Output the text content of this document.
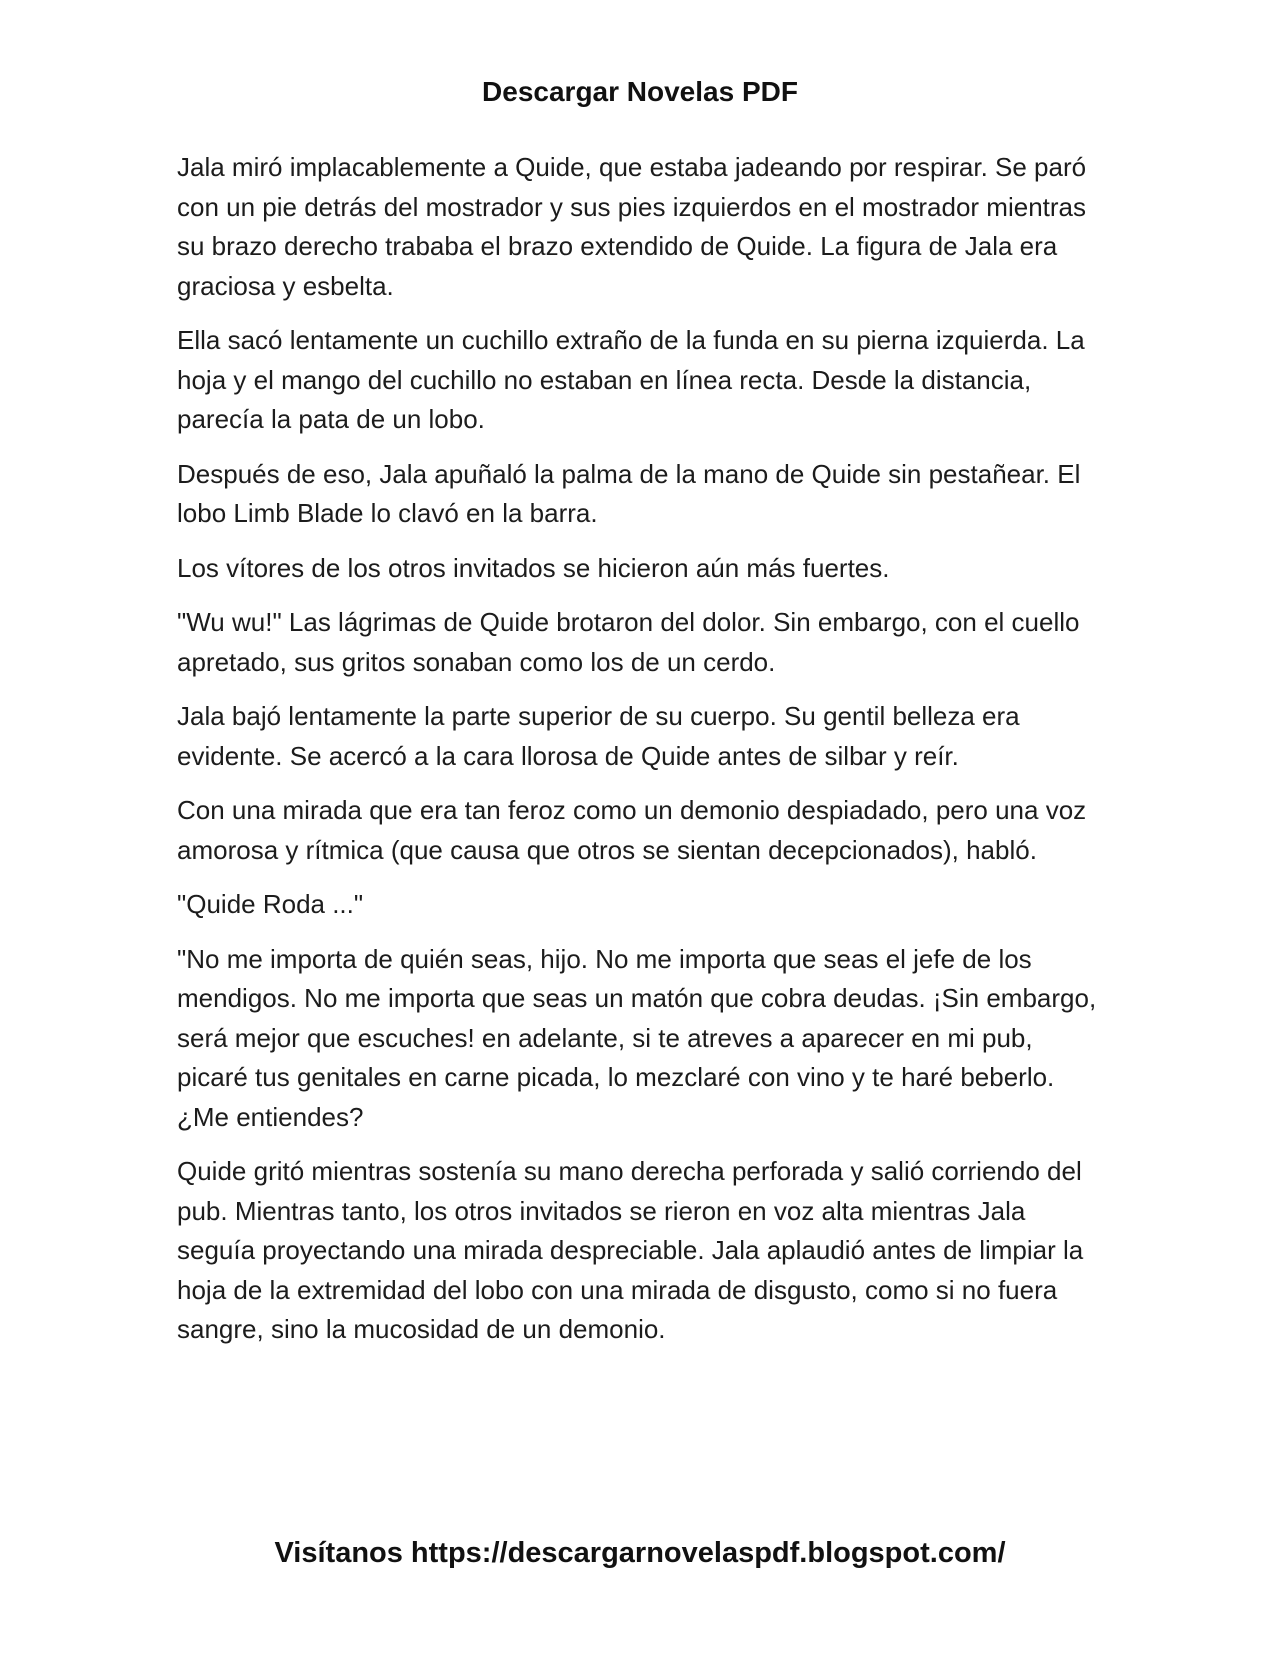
Descargar Novelas PDF

Jala miró implacablemente a Quide, que estaba jadeando por respirar. Se paró con un pie detrás del mostrador y sus pies izquierdos en el mostrador mientras su brazo derecho trababa el brazo extendido de Quide. La figura de Jala era graciosa y esbelta.

Ella sacó lentamente un cuchillo extraño de la funda en su pierna izquierda. La hoja y el mango del cuchillo no estaban en línea recta. Desde la distancia, parecía la pata de un lobo.

Después de eso, Jala apuñaló la palma de la mano de Quide sin pestañear. El lobo Limb Blade lo clavó en la barra.

Los vítores de los otros invitados se hicieron aún más fuertes.

"Wu wu!" Las lágrimas de Quide brotaron del dolor. Sin embargo, con el cuello apretado, sus gritos sonaban como los de un cerdo.

Jala bajó lentamente la parte superior de su cuerpo. Su gentil belleza era evidente. Se acercó a la cara llorosa de Quide antes de silbar y reír.

Con una mirada que era tan feroz como un demonio despiadado, pero una voz amorosa y rítmica (que causa que otros se sientan decepcionados), habló.

"Quide Roda ..."

"No me importa de quién seas, hijo. No me importa que seas el jefe de los mendigos. No me importa que seas un matón que cobra deudas. ¡Sin embargo, será mejor que escuches! en adelante, si te atreves a aparecer en mi pub, picaré tus genitales en carne picada, lo mezclaré con vino y te haré beberlo. ¿Me entiendes?

Quide gritó mientras sostenía su mano derecha perforada y salió corriendo del pub. Mientras tanto, los otros invitados se rieron en voz alta mientras Jala seguía proyectando una mirada despreciable. Jala aplaudió antes de limpiar la hoja de la extremidad del lobo con una mirada de disgusto, como si no fuera sangre, sino la mucosidad de un demonio.

Visítanos https://descargarnovelaspdf.blogspot.com/
